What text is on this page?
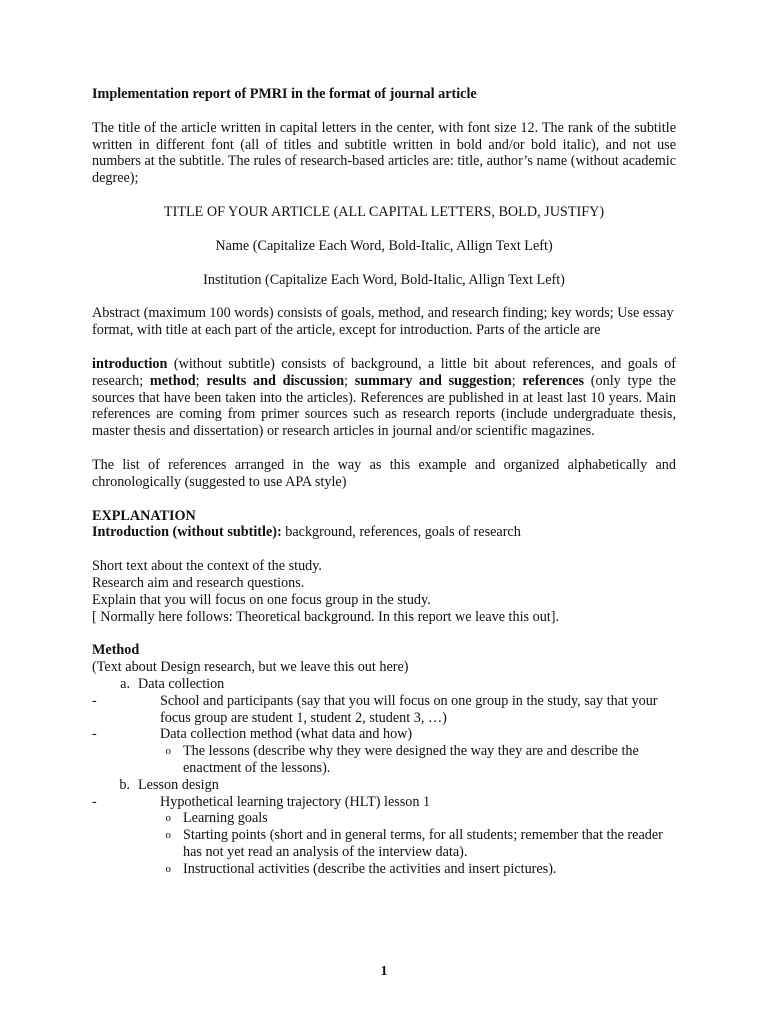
Implementation report of PMRI in the format of journal article

The title of the article written in capital letters in the center, with font size 12. The rank of the subtitle written in different font (all of titles and subtitle written in bold and/or bold italic), and not use numbers at the subtitle. The rules of research-based articles are: title, author’s name (without academic degree);

TITLE OF YOUR ARTICLE (ALL CAPITAL LETTERS, BOLD, JUSTIFY)

Name (Capitalize Each Word, Bold-Italic, Allign Text Left)

Institution (Capitalize Each Word, Bold-Italic, Allign Text Left)

Abstract (maximum 100 words) consists of goals, method, and research finding; key words; Use essay format, with title at each part of the article, except for introduction. Parts of the article are

introduction (without subtitle) consists of background, a little bit about references, and goals of research; method; results and discussion; summary and suggestion; references (only type the sources that have been taken into the articles). References are published in at least last 10 years. Main references are coming from primer sources such as research reports (include undergraduate thesis, master thesis and dissertation) or research articles in journal and/or scientific magazines.

The list of references arranged in the way as this example and organized alphabetically and chronologically (suggested to use APA style)

EXPLANATION

Introduction (without subtitle): background, references, goals of research

Short text about the context of the study.

Research aim and research questions.

Explain that you will focus on one focus group in the study.

[ Normally here follows: Theoretical background. In this report we leave this out].

Method

(Text about Design research, but we leave this out here)

a. Data collection
-	School and participants (say that you will focus on one group in the study, say that your focus group are student 1, student 2, student 3, …)
-	Data collection method (what data and how)
o The lessons (describe why they were designed the way they are and describe the enactment of the lessons).
b. Lesson design
-	Hypothetical learning trajectory (HLT) lesson 1
o Learning goals
o Starting points (short and in general terms, for all students; remember that the reader has not yet read an analysis of the interview data).
o Instructional activities (describe the activities and insert pictures).
1
